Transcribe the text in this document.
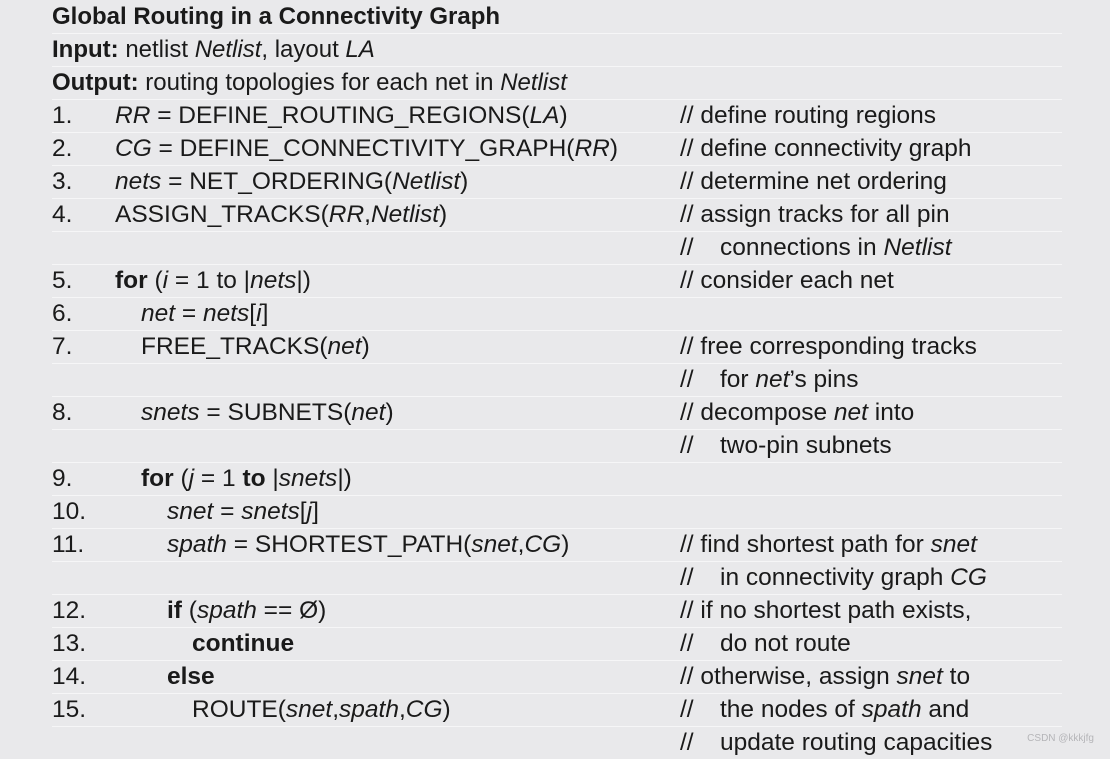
Global Routing in a Connectivity Graph
Input: netlist Netlist, layout LA
Output: routing topologies for each net in Netlist
1. RR = DEFINE_ROUTING_REGIONS(LA)	// define routing regions
2. CG = DEFINE_CONNECTIVITY_GRAPH(RR)	// define connectivity graph
3. nets = NET_ORDERING(Netlist)	// determine net ordering
4. ASSIGN_TRACKS(RR,Netlist)	// assign tracks for all pin
// connections in Netlist
5. for (i = 1 to |nets|)	// consider each net
6.	net = nets[i]
7.	FREE_TRACKS(net)	// free corresponding tracks
// for net’s pins
8.	snets = SUBNETS(net)	// decompose net into
// two-pin subnets
9.	for (j = 1 to |snets|)
10.	snet = snets[j]
11.	spath = SHORTEST_PATH(snet,CG)	// find shortest path for snet
// in connectivity graph CG
12.	if (spath == Ø)	// if no shortest path exists,
13.	continue	// do not route
14.	else	// otherwise, assign snet to
15.	ROUTE(snet,spath,CG)	// the nodes of spath and
// update routing capacities	CSDN @kkkjfg
